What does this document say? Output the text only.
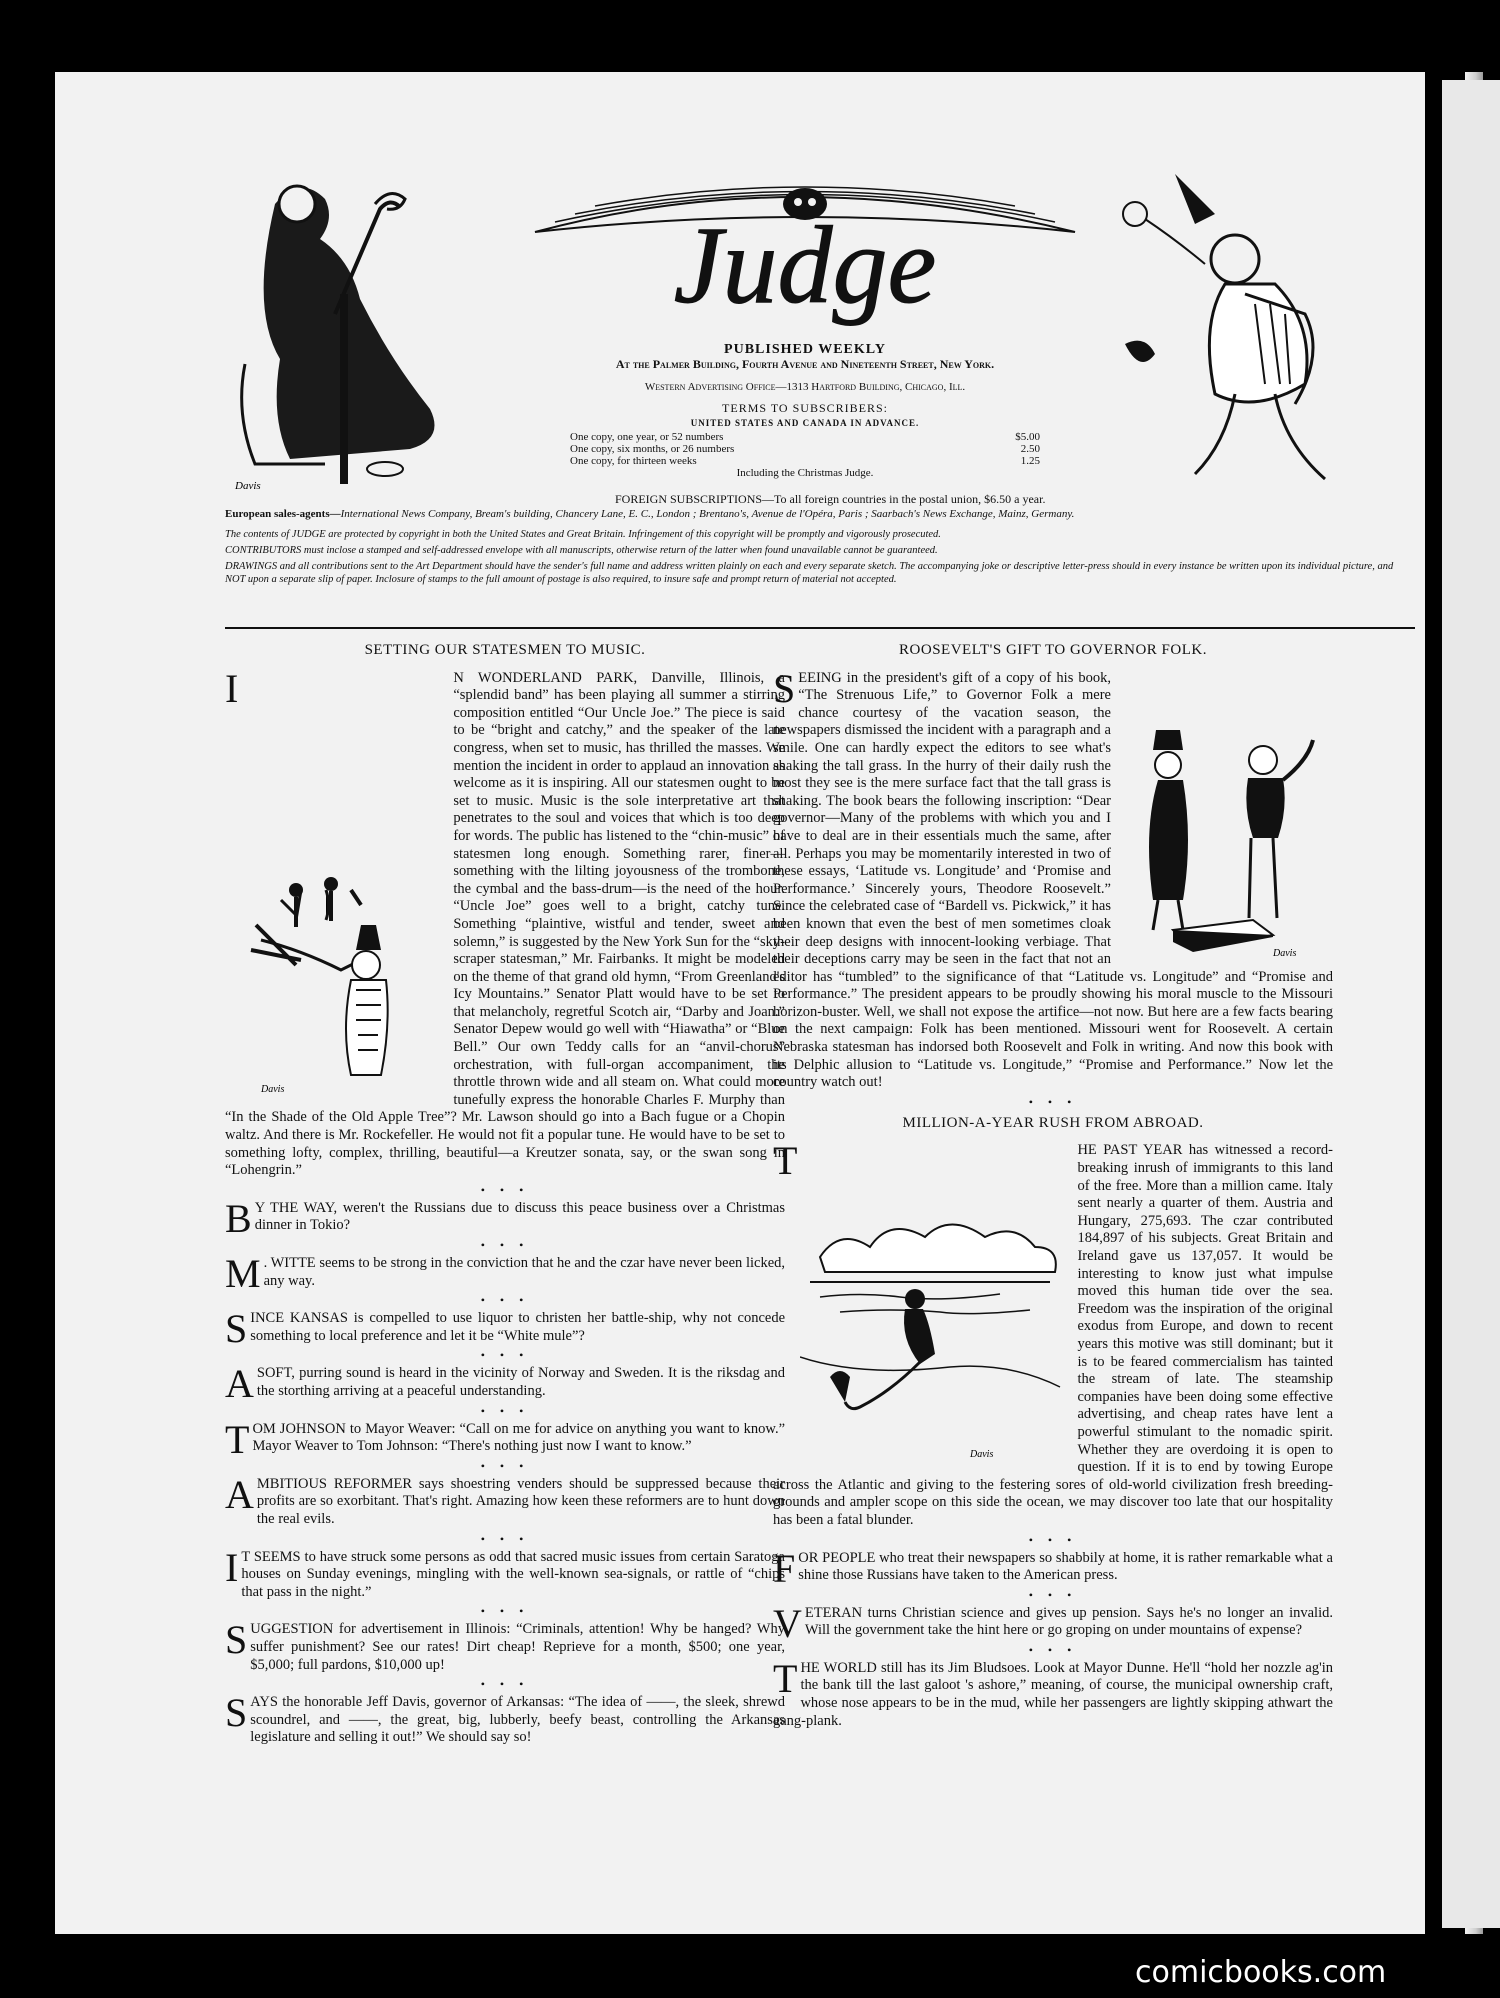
Davis
Judge
PUBLISHED WEEKLY
At the Palmer Building, Fourth Avenue and Nineteenth Street, New York.
Western Advertising Office—1313 Hartford Building, Chicago, Ill.
TERMS TO SUBSCRIBERS:
UNITED STATES AND CANADA IN ADVANCE.
One copy, one year, or 52 numbers	$5.00
One copy, six months, or 26 numbers	2.50
One copy, for thirteen weeks	1.25
Including the Christmas Judge.
FOREIGN SUBSCRIPTIONS—To all foreign countries in the postal union, $6.50 a year.
European sales-agents—International News Company, Bream's building, Chancery Lane, E. C., London ; Brentano's, Avenue de l'Opéra, Paris ; Saarbach's News Exchange, Mainz, Germany.
The contents of JUDGE are protected by copyright in both the United States and Great Britain. Infringement of this copyright will be promptly and vigorously prosecuted.
CONTRIBUTORS must inclose a stamped and self-addressed envelope with all manuscripts, otherwise return of the latter when found unavailable cannot be guaranteed.
DRAWINGS and all contributions sent to the Art Department should have the sender's full name and address written plainly on each and every separate sketch. The accompanying joke or descriptive letter-press should in every instance be written upon its individual picture, and NOT upon a separate slip of paper. Inclosure of stamps to the full amount of postage is also required, to insure safe and prompt return of material not accepted.
SETTING OUR STATESMEN TO MUSIC.

I	N WONDERLAND PARK,
Davis
Danville, Illinois, a “splendid band” has been playing all summer a stirring composition entitled “Our Uncle Joe.” The piece is said to be “bright and catchy,” and the speaker of the late congress, when set to music, has thrilled the masses. We mention the incident in order to applaud an innovation as welcome as it is inspiring. All our statesmen ought to be set to music. Music is the sole interpretative art that penetrates to the soul and voices that which is too deep for words. The public has listened to the “chin-music” of statesmen long enough. Something rarer, finer—something with the lilting joyousness of the trombone, the cymbal and the bass-drum—is the need of the hour. “Uncle Joe” goes well to a bright, catchy tune. Something “plaintive, wistful and tender, sweet and solemn,” is suggested by the New York Sun for the “sky-scraper statesman,” Mr. Fairbanks. It might be modeled on the theme of that grand old hymn, “From Greenland's Icy Mountains.” Senator Platt would have to be set to that melancholy, regretful Scotch air, “Darby and Joan.” Senator Depew would go well with “Hiawatha” or “Blue Bell.” Our own Teddy calls for an “anvil-chorus” orchestration, with full-organ accompaniment, the throttle thrown wide and all steam on. What could more tunefully express the honorable Charles F. Murphy than “In the Shade of the Old Apple Tree”? Mr. Lawson should go into a Bach fugue or a Chopin waltz. And there is Mr. Rockefeller. He would not fit a popular tune. He would have to be set to something lofty, complex, thrilling, beautiful—a Kreutzer sonata, say, or the swan song in “Lohengrin.”

• • •

B Y THE WAY, weren't the Russians due to discuss this peace business over a Christmas dinner in Tokio?

• • •

M . WITTE seems to be strong in the conviction that he and the czar have never been licked, any way.

• • •

SINCE KANSAS is compelled to use liquor to christen her battle-ship, why not concede something to local preference and let it be “White mule”?

• • •

A SOFT, purring sound is heard in the vicinity of Norway and Sweden. It is the riksdag and the storthing arriving at a peaceful understanding.

• • •

TOM JOHNSON to Mayor Weaver: “Call on me for advice on anything you want to know.” Mayor Weaver to Tom Johnson: “There's nothing just now I want to know.”

• • •

AMBITIOUS REFORMER says shoestring venders should be suppressed because their profits are so exorbitant. That's right. Amazing how keen these reformers are to hunt down the real evils.

• • •

I T SEEMS to have struck some persons as odd that sacred music issues from certain Saratoga houses on Sunday evenings, mingling with the well-known sea-signals, or rattle of “chips that pass in the night.”

• • •

SUGGESTION for advertisement in Illinois: “Criminals, attention! Why be hanged? Why suffer punishment? See our rates! Dirt cheap! Reprieve for a month, $500; one year, $5,000; full pardons, $10,000 up!

• • •

SAYS the honorable Jeff Davis, governor of Arkansas: “The idea of ——, the sleek, shrewd scoundrel, and ——, the great, big, lubberly, beefy beast, controlling the Arkansas legislature and selling it out!” We should say so!

ROOSEVELT'S GIFT TO GOVERNOR FOLK.

SEEING
Davis
in the president's gift of a copy of his book, “The Strenuous Life,” to Governor Folk a mere chance courtesy of the vacation season, the newspapers dismissed the incident with a paragraph and a smile. One can hardly expect the editors to see what's shaking the tall grass. In the hurry of their daily rush the most they see is the mere surface fact that the tall grass is shaking. The book bears the following inscription: “Dear governor—Many of the problems with which you and I have to deal are in their essentials much the same, after all. Perhaps you may be momentarily interested in two of these essays, ‘Latitude vs. Longitude’ and ‘Promise and Performance.’ Sincerely yours, Theodore Roosevelt.” Since the celebrated case of “Bardell vs. Pickwick,” it has been known that even the best of men sometimes cloak their deep designs with innocent-looking verbiage. That their deceptions carry may be seen in the fact that not an editor has “tumbled” to the significance of that “Latitude vs. Longitude” and “Promise and Performance.” The president appears to be proudly showing his moral muscle to the Missouri horizon-buster. Well, we shall not expose the artifice—not now. But here are a few facts bearing on the next campaign: Folk has been mentioned. Missouri went for Roosevelt. A certain Nebraska statesman has indorsed both Roosevelt and Folk in writing. And now this book with its Delphic allusion to “Latitude vs. Longitude,” “Promise and Performance.” Now let the country watch out!

• • •
MILLION-A-YEAR RUSH FROM ABROAD.

T	HE PAST YEAR
Davis
has witnessed a record-breaking inrush of immigrants to this land of the free. More than a million came. Italy sent nearly a quarter of them. Austria and Hungary, 275,693. The czar contributed 184,897 of his subjects. Great Britain and Ireland gave us 137,057. It would be interesting to know just what impulse moved this human tide over the sea. Freedom was the inspiration of the original exodus from Europe, and down to recent years this motive was still dominant; but it is to be feared commercialism has tainted the stream of late. The steamship companies have been doing some effective advertising, and cheap rates have lent a powerful stimulant to the nomadic spirit. Whether they are overdoing it is open to question. If it is to end by towing Europe across the Atlantic and giving to the festering sores of old-world civilization fresh breeding-grounds and ampler scope on this side the ocean, we may discover too late that our hospitality has been a fatal blunder.

• • •

FOR PEOPLE who treat their newspapers so shabbily at home, it is rather remarkable what a shine those Russians have taken to the American press.

• • •

VETERAN turns Christian science and gives up pension. Says he's no longer an invalid. Will the government take the hint here or go groping on under mountains of expense?

• • •

THE WORLD still has its Jim Bludsoes. Look at Mayor Dunne. He'll “hold her nozzle ag'in the bank till the last galoot 's ashore,” meaning, of course, the municipal ownership craft, whose nose appears to be in the mud, while her passengers are lightly skipping athwart the gang-plank.

comicbooks.com
